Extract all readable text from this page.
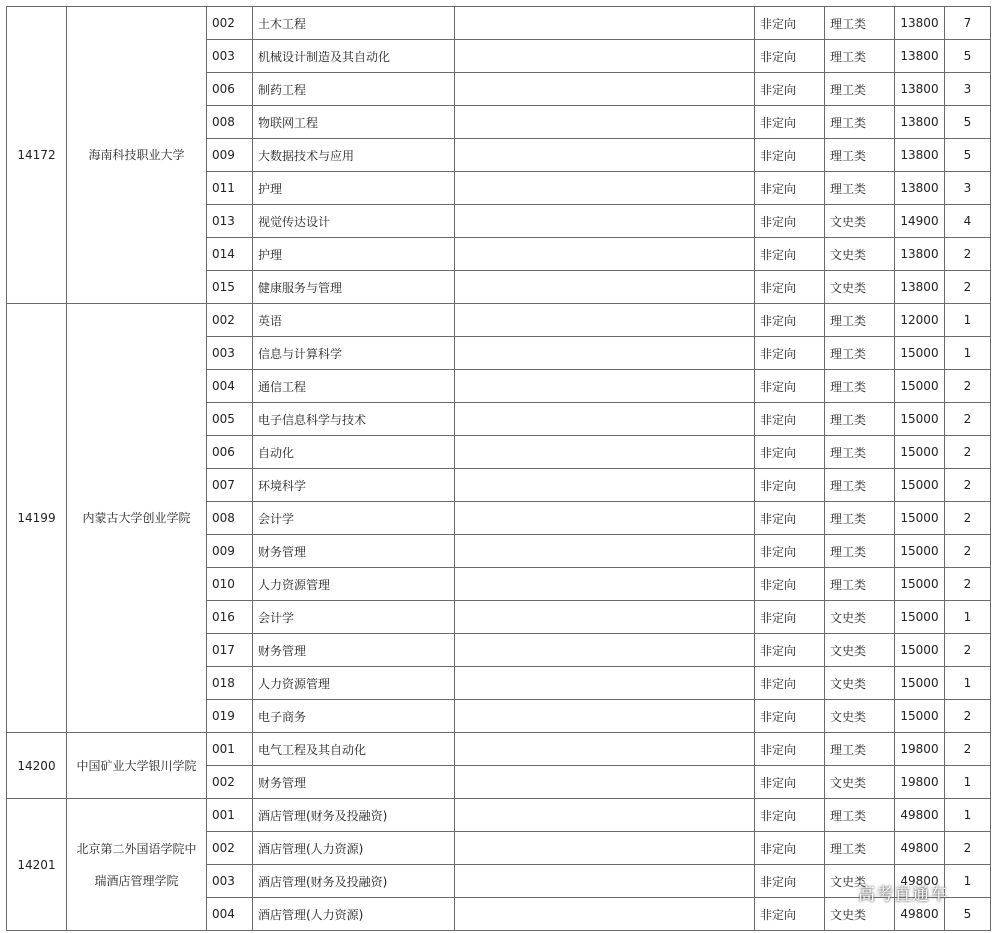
14172	海南科技职业大学	002	土木工程		非定向	理工类	13800	7
		003	机械设计制造及其自动化		非定向	理工类	13800	5
		006	制药工程		非定向	理工类	13800	3
		008	物联网工程		非定向	理工类	13800	5
		009	大数据技术与应用		非定向	理工类	13800	5
		011	护理		非定向	理工类	13800	3
		013	视觉传达设计		非定向	文史类	14900	4
		014	护理		非定向	文史类	13800	2
		015	健康服务与管理		非定向	文史类	13800	2
14199	内蒙古大学创业学院	002	英语		非定向	理工类	12000	1
		003	信息与计算科学		非定向	理工类	15000	1
		004	通信工程		非定向	理工类	15000	2
		005	电子信息科学与技术		非定向	理工类	15000	2
		006	自动化		非定向	理工类	15000	2
		007	环境科学		非定向	理工类	15000	2
		008	会计学		非定向	理工类	15000	2
		009	财务管理		非定向	理工类	15000	2
		010	人力资源管理		非定向	理工类	15000	2
		016	会计学		非定向	文史类	15000	1
		017	财务管理		非定向	文史类	15000	2
		018	人力资源管理		非定向	文史类	15000	1
		019	电子商务		非定向	文史类	15000	2
14200	中国矿业大学银川学院	001	电气工程及其自动化		非定向	理工类	19800	2
		002	财务管理		非定向	文史类	19800	1
14201	北京第二外国语学院中瑞酒店管理学院	001	酒店管理(财务及投融资)		非定向	理工类	49800	1
		002	酒店管理(人力资源)		非定向	理工类	49800	2
		003	酒店管理(财务及投融资)		非定向	文史类	49800	1
		004	酒店管理(人力资源)		非定向	文史类	49800	5
高考直通车
